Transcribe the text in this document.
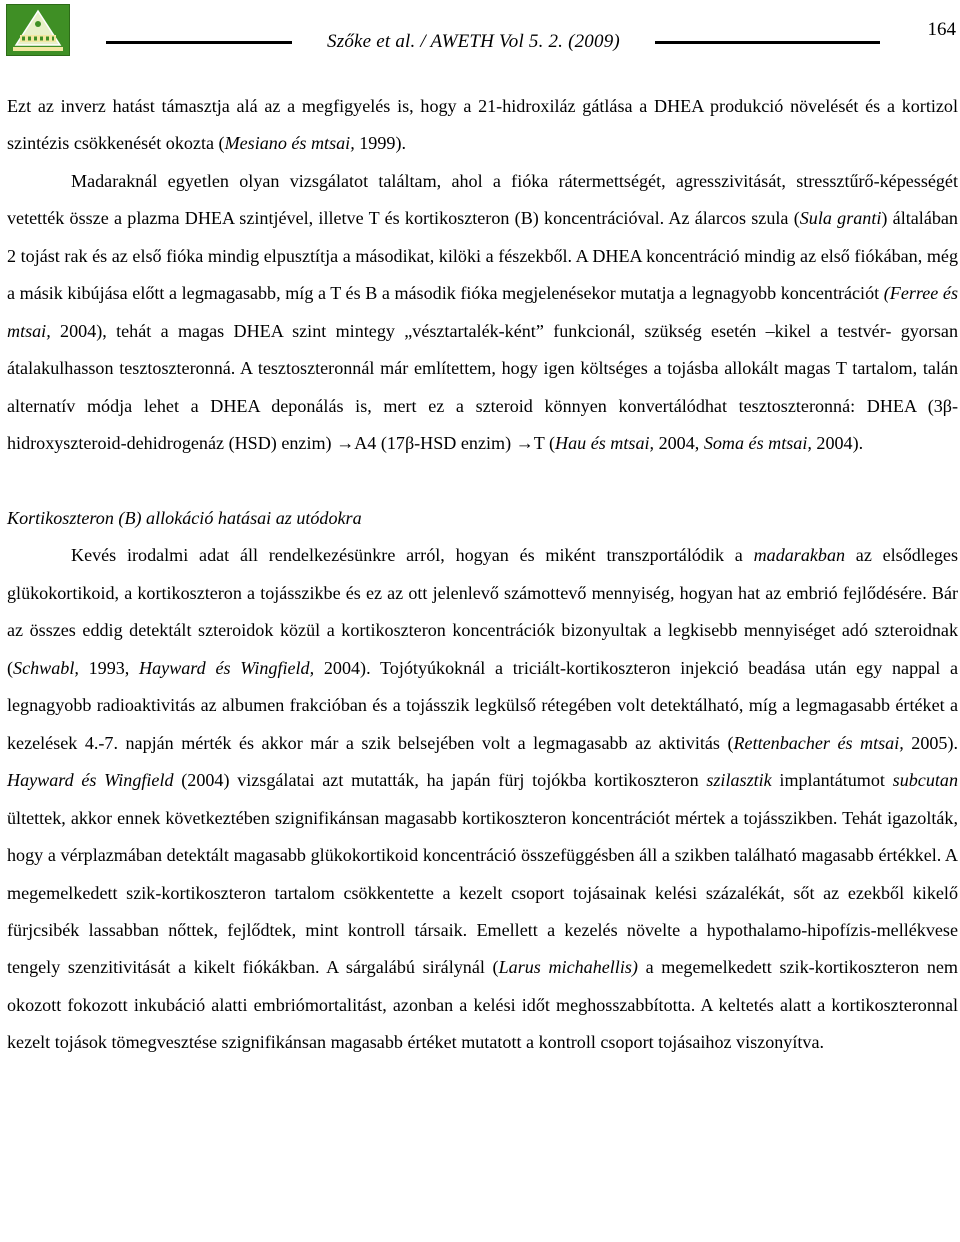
Szőke et al. / AWETH Vol 5. 2. (2009)
164

Ezt az inverz hatást támasztja alá az a megfigyelés is, hogy a 21-hidroxiláz gátlása a DHEA produkció növelését és a kortizol szintézis csökkenését okozta (Mesiano és mtsai, 1999).

Madaraknál egyetlen olyan vizsgálatot találtam, ahol a fióka rátermettségét, agresszivitását, stressztűrő-képességét vetették össze a plazma DHEA szintjével, illetve T és kortikoszteron (B) koncentrációval. Az álarcos szula (Sula granti) általában 2 tojást rak és az első fióka mindig elpusztítja a másodikat, kilöki a fészekből. A DHEA koncentráció mindig az első fiókában, még a másik kibújása előtt a legmagasabb, míg a T és B a második fióka megjelenésekor mutatja a legnagyobb koncentrációt (Ferree és mtsai, 2004), tehát a magas DHEA szint mintegy „vésztartalék-ként” funkcionál, szükség esetén –kikel a testvér- gyorsan átalakulhasson tesztoszteronná. A tesztoszteronnál már említettem, hogy igen költséges a tojásba allokált magas T tartalom, talán alternatív módja lehet a DHEA deponálás is, mert ez a szteroid könnyen konvertálódhat tesztoszteronná: DHEA (3β- hidroxyszteroid-dehidrogenáz (HSD) enzim) →A4 (17β-HSD enzim) →T (Hau és mtsai, 2004, Soma és mtsai, 2004).

Kortikoszteron (B) allokáció hatásai az utódokra

Kevés irodalmi adat áll rendelkezésünkre arról, hogyan és miként transzportálódik a madarakban az elsődleges glükokortikoid, a kortikoszteron a tojásszikbe és ez az ott jelenlevő számottevő mennyiség, hogyan hat az embrió fejlődésére. Bár az összes eddig detektált szteroidok közül a kortikoszteron koncentrációk bizonyultak a legkisebb mennyiséget adó szteroidnak (Schwabl, 1993, Hayward és Wingfield, 2004). Tojótyúkoknál a triciált-kortikoszteron injekció beadása után egy nappal a legnagyobb radioaktivitás az albumen frakcióban és a tojásszik legkülső rétegében volt detektálható, míg a legmagasabb értéket a kezelések 4.-7. napján mérték és akkor már a szik belsejében volt a legmagasabb az aktivitás (Rettenbacher és mtsai, 2005). Hayward és Wingfield (2004) vizsgálatai azt mutatták, ha japán fürj tojókba kortikoszteron szilasztik implantátumot subcutan ültettek, akkor ennek következtében szignifikánsan magasabb kortikoszteron koncentrációt mértek a tojásszikben. Tehát igazolták, hogy a vérplazmában detektált magasabb glükokortikoid koncentráció összefüggésben áll a szikben található magasabb értékkel. A megemelkedett szik-kortikoszteron tartalom csökkentette a kezelt csoport tojásainak kelési százalékát, sőt az ezekből kikelő fürjcsibék lassabban nőttek, fejlődtek, mint kontroll társaik. Emellett a kezelés növelte a hypothalamo-hipofízis-mellékvese tengely szenzitivitását a kikelt fiókákban. A sárgalábú sirálynál (Larus michahellis) a megemelkedett szik-kortikoszteron nem okozott fokozott inkubáció alatti embriómortalitást, azonban a kelési időt meghosszabbította. A keltetés alatt a kortikoszteronnal kezelt tojások tömegvesztése szignifikánsan magasabb értéket mutatott a kontroll csoport tojásaihoz viszonyítva.
